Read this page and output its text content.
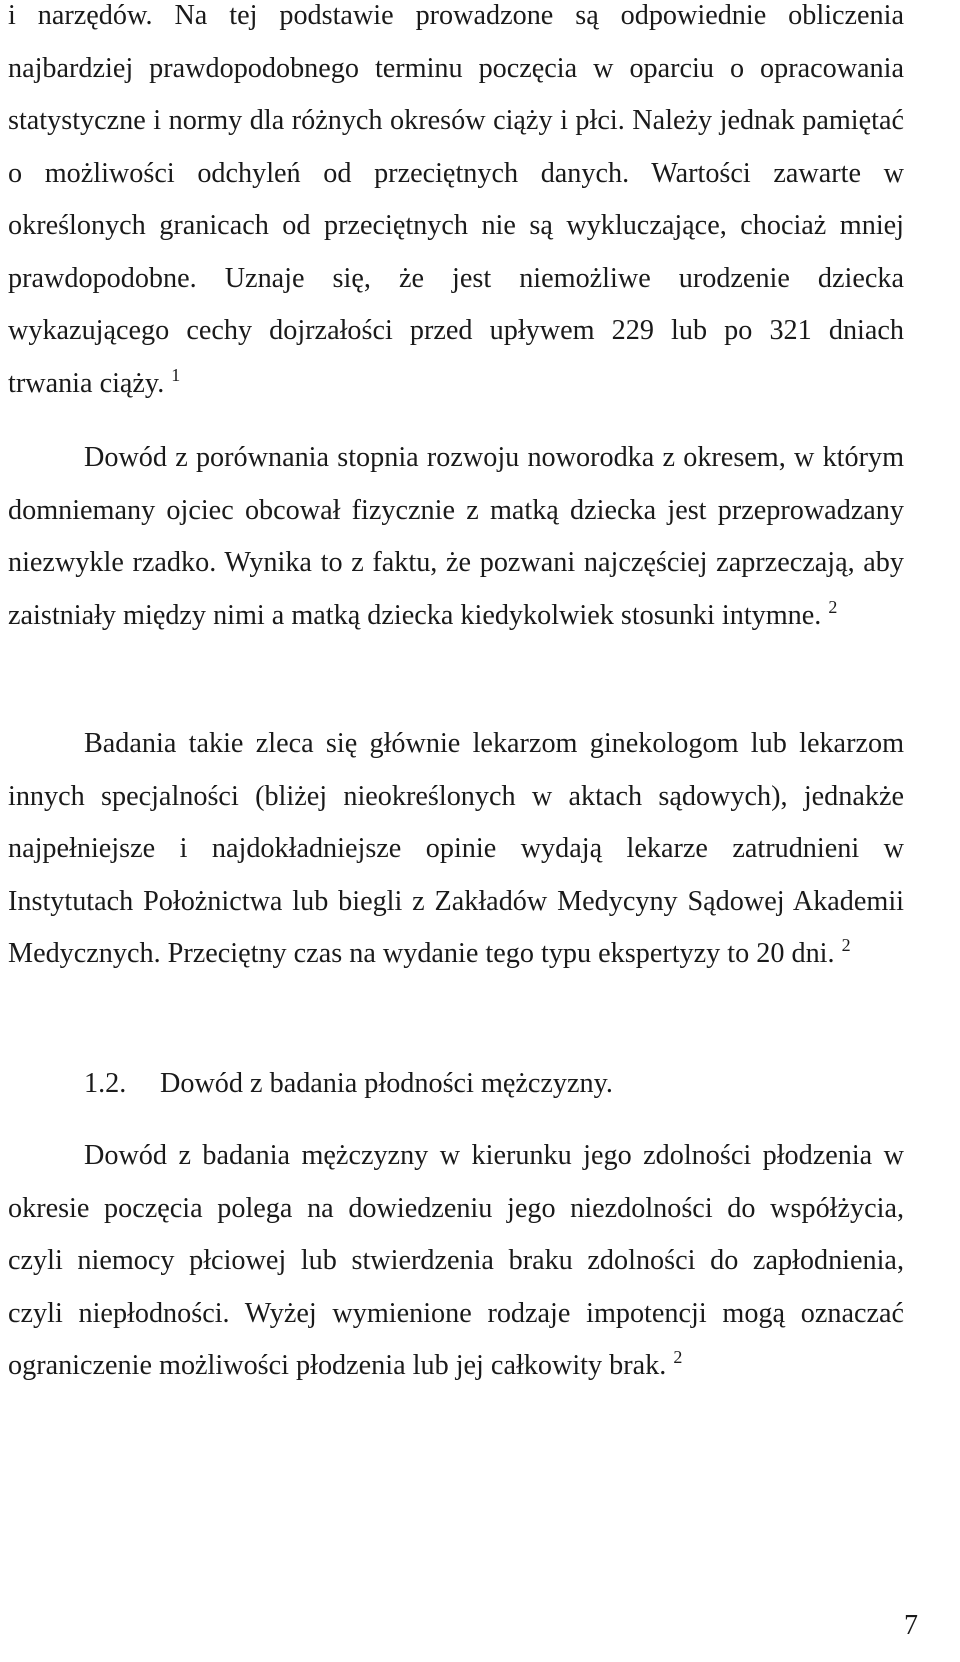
i narzędów. Na tej podstawie prowadzone są odpowiednie obliczenia najbardziej prawdopodobnego terminu poczęcia w oparciu o opracowania statystyczne i normy dla różnych okresów ciąży i płci. Należy jednak pamiętać o możliwości odchyleń od przeciętnych danych. Wartości zawarte w określonych granicach od przeciętnych nie są wykluczające, chociaż mniej prawdopodobne. Uznaje się, że jest niemożliwe urodzenie dziecka wykazującego cechy dojrzałości przed upływem 229 lub po 321 dniach trwania ciąży. $^1$

Dowód z porównania stopnia rozwoju noworodka z okresem, w którym domniemany ojciec obcował fizycznie z matką dziecka jest przeprowadzany niezwykle rzadko. Wynika to z faktu, że pozwani najczęściej zaprzeczają, aby zaistniały między nimi a matką dziecka kiedykolwiek stosunki intymne. $^2$

Badania takie zleca się głównie lekarzom ginekologom lub lekarzom innych specjalności (bliżej nieokreślonych w aktach sądowych), jednakże najpełniejsze i najdokładniejsze opinie wydają lekarze zatrudnieni w Instytutach Położnictwa lub biegli z Zakładów Medycyny Sądowej Akademii Medycznych. Przeciętny czas na wydanie tego typu ekspertyzy to 20 dni. $^2$

1.2. Dowód z badania płodności mężczyzny.

Dowód z badania mężczyzny w kierunku jego zdolności płodzenia w okresie poczęcia polega na dowiedzeniu jego niezdolności do współżycia, czyli niemocy płciowej lub stwierdzenia braku zdolności do zapłodnienia, czyli niepłodności. Wyżej wymienione rodzaje impotencji mogą oznaczać ograniczenie możliwości płodzenia lub jej całkowity brak. $^2$

7
